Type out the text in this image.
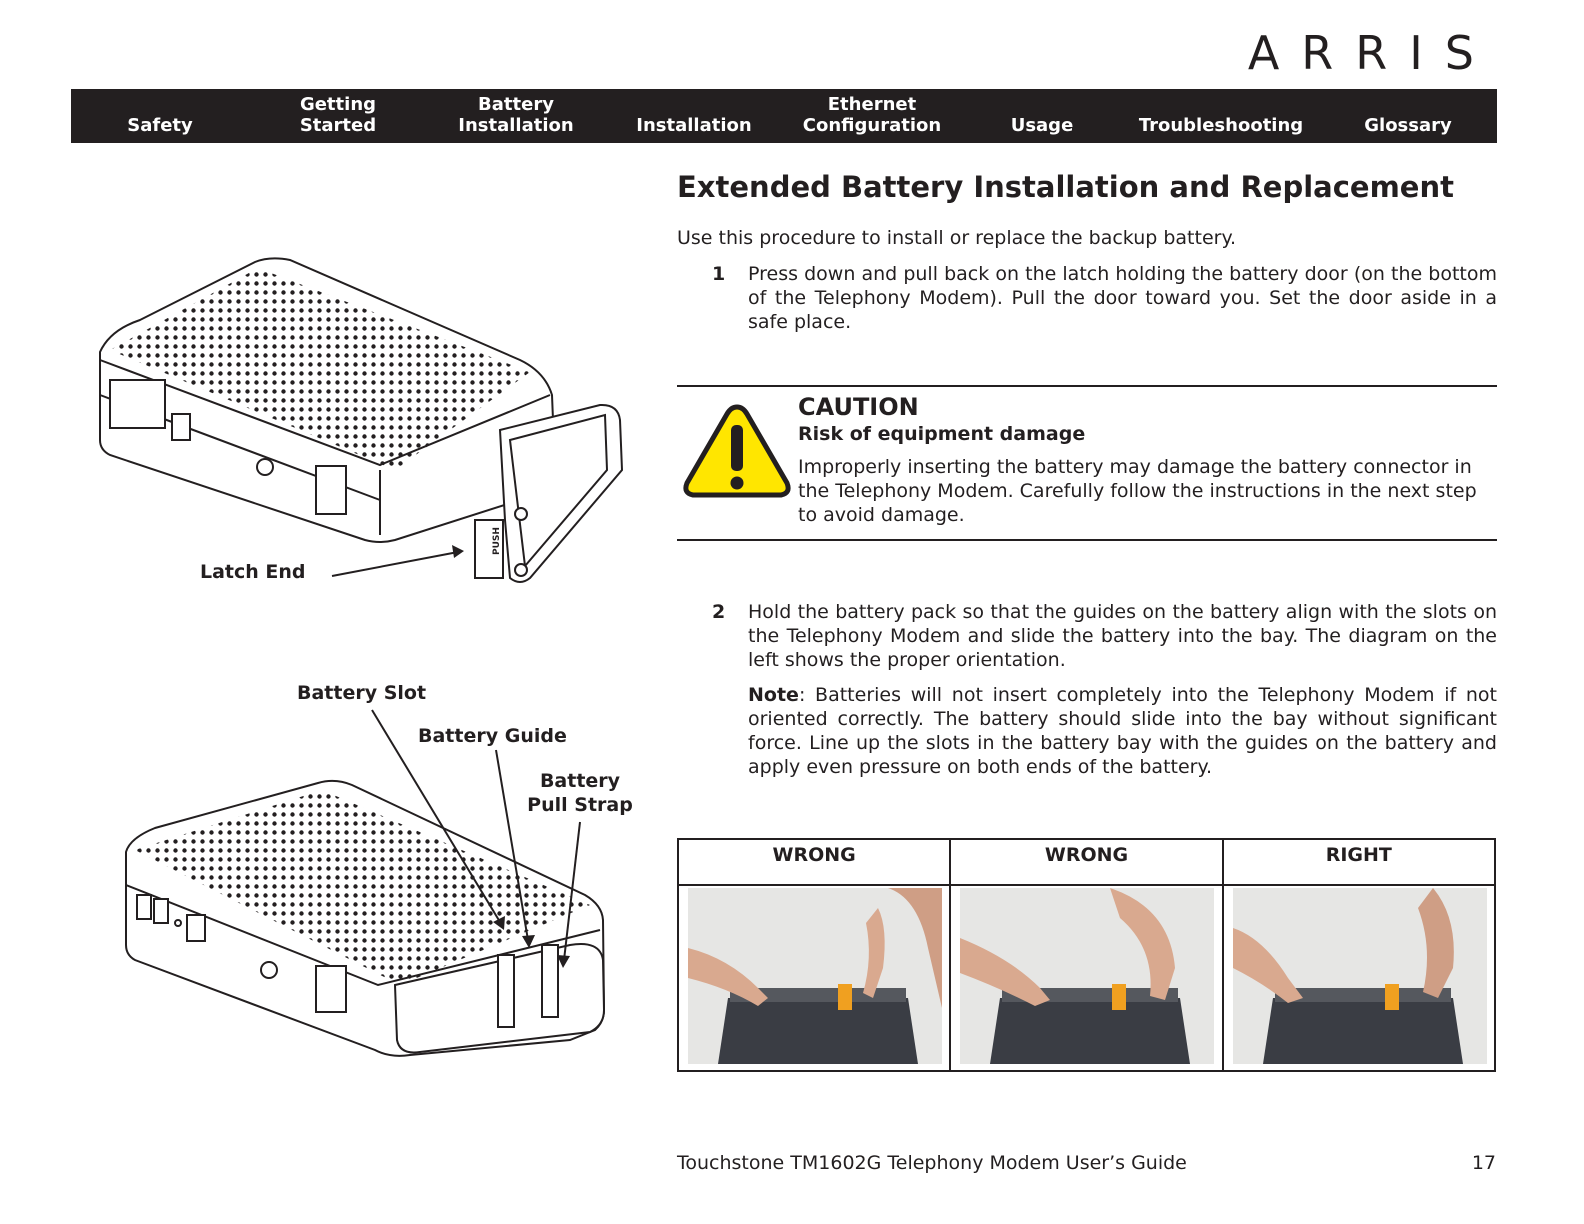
ARRIS
Safety
Getting
Started
Battery
Installation	Installation
Ethernet
Configuration	Usage	Troubleshooting	Glossary
PUSH
Latch End
Battery Slot
Battery Guide
Battery
Pull Strap
Extended Battery Installation and Replacement

Use this procedure to install or replace the backup battery.

1 Press down and pull back on the latch holding the battery door (on the bottom of the Telephony Modem). Pull the door toward you. Set the door aside in a safe place.
CAUTION
Risk of equipment damage
Improperly inserting the battery may damage the battery connector in the Telephony Modem. Carefully follow the instructions in the next step to avoid damage.
2 Hold the battery pack so that the guides on the battery align with the slots on the Telephony Modem and slide the battery into the bay. The diagram on the left shows the proper orientation.
Note: Batteries will not insert completely into the Telephony Modem if not oriented correctly. The battery should slide into the bay without significant force. Line up the slots in the battery bay with the guides on the battery and apply even pressure on both ends of the battery.
WRONG	WRONG	RIGHT
Touchstone TM1602G Telephony Modem User’s Guide	17
